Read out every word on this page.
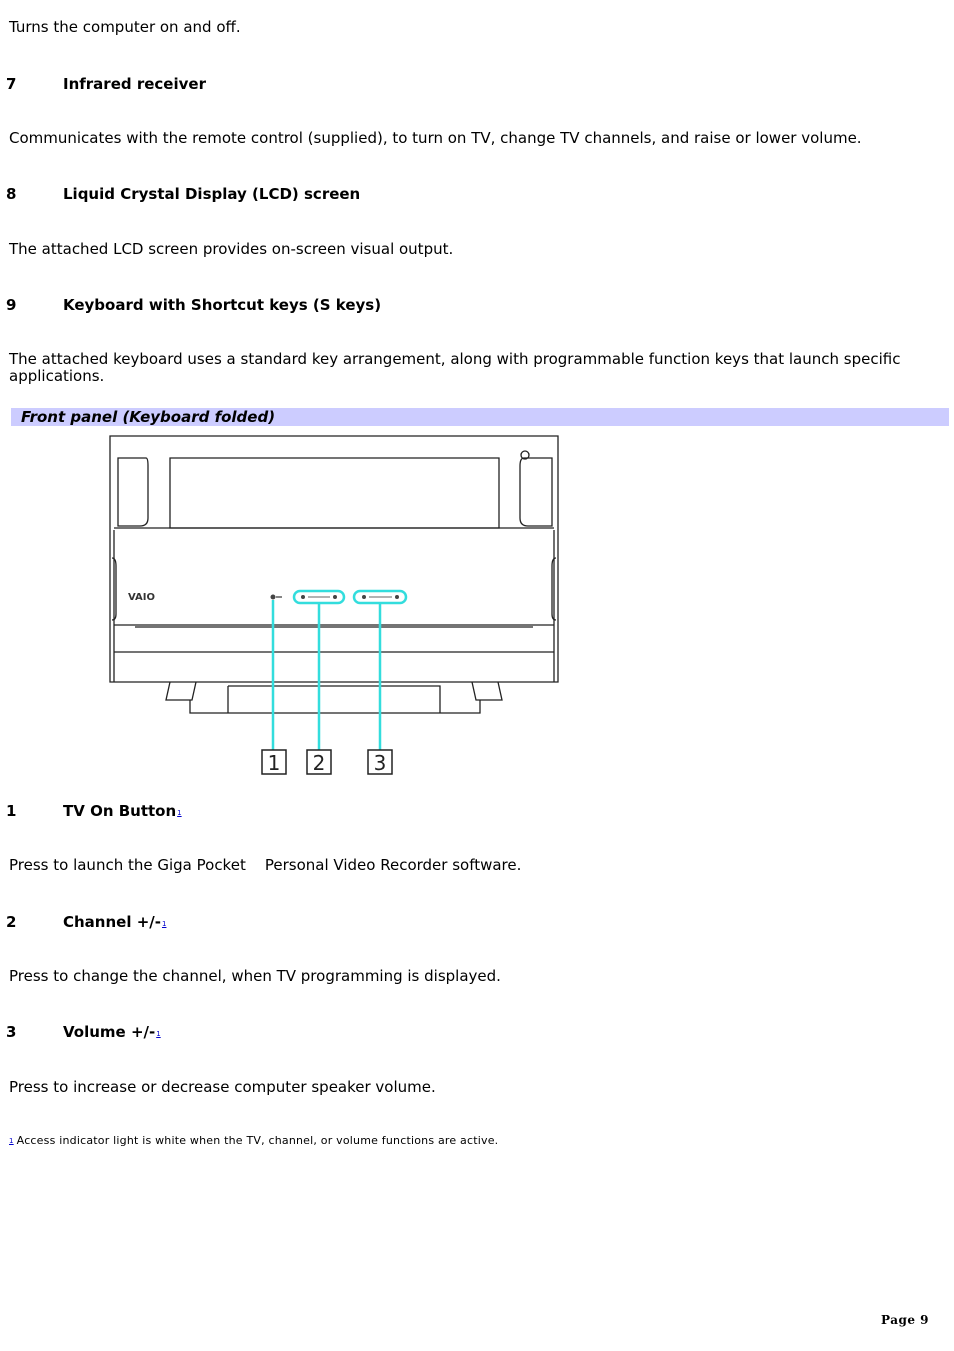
Turns the computer on and off.
7	Infrared receiver
Communicates with the remote control (supplied), to turn on TV, change TV channels, and raise or lower volume.
8	Liquid Crystal Display (LCD) screen
The attached LCD screen provides on-screen visual output.
9	Keyboard with Shortcut keys (S keys)
The attached keyboard uses a standard key arrangement, along with programmable function keys that launch specific
applications.
Front panel (Keyboard folded)
VAIO
1 2 3
1	TV On Button1
Press to launch the Giga Pocket    Personal Video Recorder software.
2	Channel +/-1
Press to change the channel, when TV programming is displayed.
3	Volume +/-1
Press to increase or decrease computer speaker volume.
1 Access indicator light is white when the TV, channel, or volume functions are active.
Page 9
